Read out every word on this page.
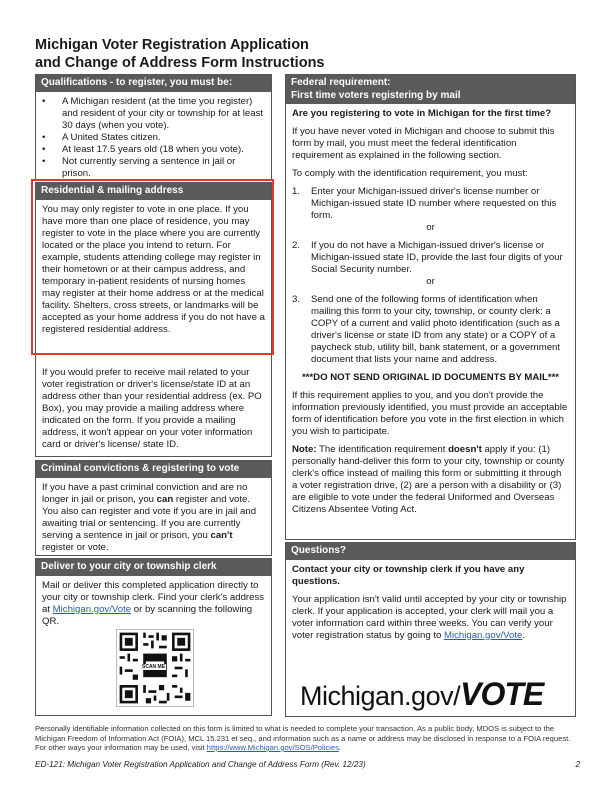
Michigan Voter Registration Application
and Change of Address Form Instructions
Qualifications - to register, you must be:
• A Michigan resident (at the time you register) and resident of your city or township for at least 30 days (when you vote).
• A United States citizen.
• At least 17.5 years old (18 when you vote).
• Not currently serving a sentence in jail or prison.
Residential & mailing address

You may only register to vote in one place. If you have more than one place of residence, you may register to vote in the place where you are currently located or the place you intend to return. For example, students attending college may register in their hometown or at their campus address, and temporary in-patient residents of nursing homes may register at their home address or at the medical facility. Shelters, cross streets, or landmarks will be accepted as your home address if you do not have a registered residential address.

If you would prefer to receive mail related to your voter registration or driver's license/state ID at an address other than your residential address (ex. PO Box), you may provide a mailing address where indicated on the form. If you provide a mailing address, it won't appear on your voter information card or driver's license/ state ID.

Criminal convictions & registering to vote

If you have a past criminal conviction and are no longer in jail or prison, you can register and vote. You also can register and vote if you are in jail and awaiting trial or sentencing. If you are currently serving a sentence in jail or prison, you can't register or vote.

Deliver to your city or township clerk

Mail or deliver this completed application directly to your city or township clerk. Find your clerk's address at Michigan.gov/Vote or by scanning the following QR.

SCAN ME
Federal requirement:
First time voters registering by mail

Are you registering to vote in Michigan for the first time?

If you have never voted in Michigan and choose to submit this form by mail, you must meet the federal identification requirement as explained in the following section.

To comply with the identification requirement, you must:

1. Enter your Michigan-issued driver's license number or Michigan-issued state ID number where requested on this form.
or
2. If you do not have a Michigan-issued driver's license or Michigan-issued state ID, provide the last four digits of your Social Security number.
or
3. Send one of the following forms of identification when mailing this form to your city, township, or county clerk: a COPY of a current and valid photo identification (such as a driver's license or state ID from any state) or a COPY of a paycheck stub, utility bill, bank statement, or a government document that lists your name and address.

***DO NOT SEND ORIGINAL ID DOCUMENTS BY MAIL***

If this requirement applies to you, and you don't provide the information previously identified, you must provide an acceptable form of identification before you vote in the first election in which you wish to participate.

Note: The identification requirement doesn't apply if you: (1) personally hand-deliver this form to your city, township or county clerk's office instead of mailing this form or submitting it through a voter registration drive, (2) are a person with a disability or (3) are eligible to vote under the federal Uniformed and Overseas Citizens Absentee Voting Act.

Questions?

Contact your city or township clerk if you have any questions.

Your application isn't valid until accepted by your city or township clerk. If your application is accepted, your clerk will mail you a voter information card within three weeks. You can verify your voter registration status by going to Michigan.gov/Vote.

Michigan.gov/VOTE
Personally identifiable information collected on this form is limited to what is needed to complete your transaction. As a public body, MDOS is subject to the Michigan Freedom of Information Act (FOIA), MCL 15.231 et seq., and information such as a name or address may be disclosed in response to a FOIA request. For other ways your information may be used, visit https://www.Michigan.gov/SOS/Policies.
ED-121: Michigan Voter Registration Application and Change of Address Form (Rev. 12/23)	2
